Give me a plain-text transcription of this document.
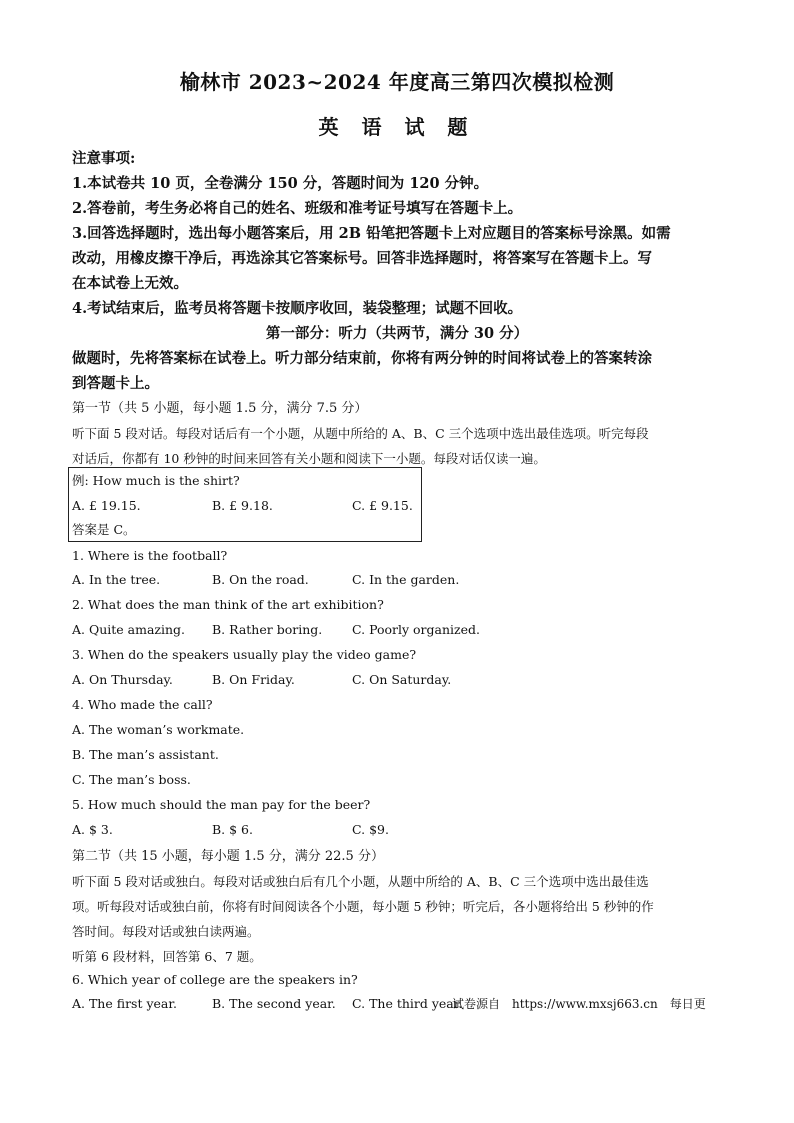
榆林市 2023~2024 年度高三第四次模拟检测
英 语 试 题
注意事项:
1.本试卷共 10 页，全卷满分 150 分，答题时间为 120 分钟。
2.答卷前，考生务必将自己的姓名、班级和准考证号填写在答题卡上。
3.回答选择题时，选出每小题答案后，用 2B 铅笔把答题卡上对应题目的答案标号涂黑。如需
改动，用橡皮擦干净后，再选涂其它答案标号。回答非选择题时，将答案写在答题卡上。写
在本试卷上无效。
4.考试结束后，监考员将答题卡按顺序收回，装袋整理；试题不回收。
第一部分：听力（共两节，满分 30 分）
做题时，先将答案标在试卷上。听力部分结束前，你将有两分钟的时间将试卷上的答案转涂
到答题卡上。
第一节（共 5 小题，每小题 1.5 分，满分 7.5 分）
听下面 5 段对话。每段对话后有一个小题，从题中所给的 A、B、C 三个选项中选出最佳选项。听完每段
对话后，你都有 10 秒钟的时间来回答有关小题和阅读下一小题。每段对话仅读一遍。
例: How much is the shirt?
A. £ 19.15.	B. £ 9.18.	C. £ 9.15.
答案是 C。
1. Where is the football?
A. In the tree.	B. On the road.	C. In the garden.
2. What does the man think of the art exhibition?
A. Quite amazing. B. Rather boring. C. Poorly organized.
3. When do the speakers usually play the video game?
A. On Thursday.	B. On Friday.	C. On Saturday.
4. Who made the call?
A. The woman’s workmate.
B. The man’s assistant.
C. The man’s boss.
5. How much should the man pay for the beer?
A. $ 3.	B. $ 6.	C. $9.
第二节（共 15 小题，每小题 1.5 分，满分 22.5 分）
听下面 5 段对话或独白。每段对话或独白后有几个小题，从题中所给的 A、B、C 三个选项中选出最佳选
项。听每段对话或独白前，你将有时间阅读各个小题，每小题 5 秒钟；听完后，各小题将给出 5 秒钟的作
答时间。每段对话或独白读两遍。
听第 6 段材料，回答第 6、7 题。
6. Which year of college are the speakers in?
A. The first year.	B. The second year. C. The third year.
试卷源自　https://www.mxsj663.cn　每日更
